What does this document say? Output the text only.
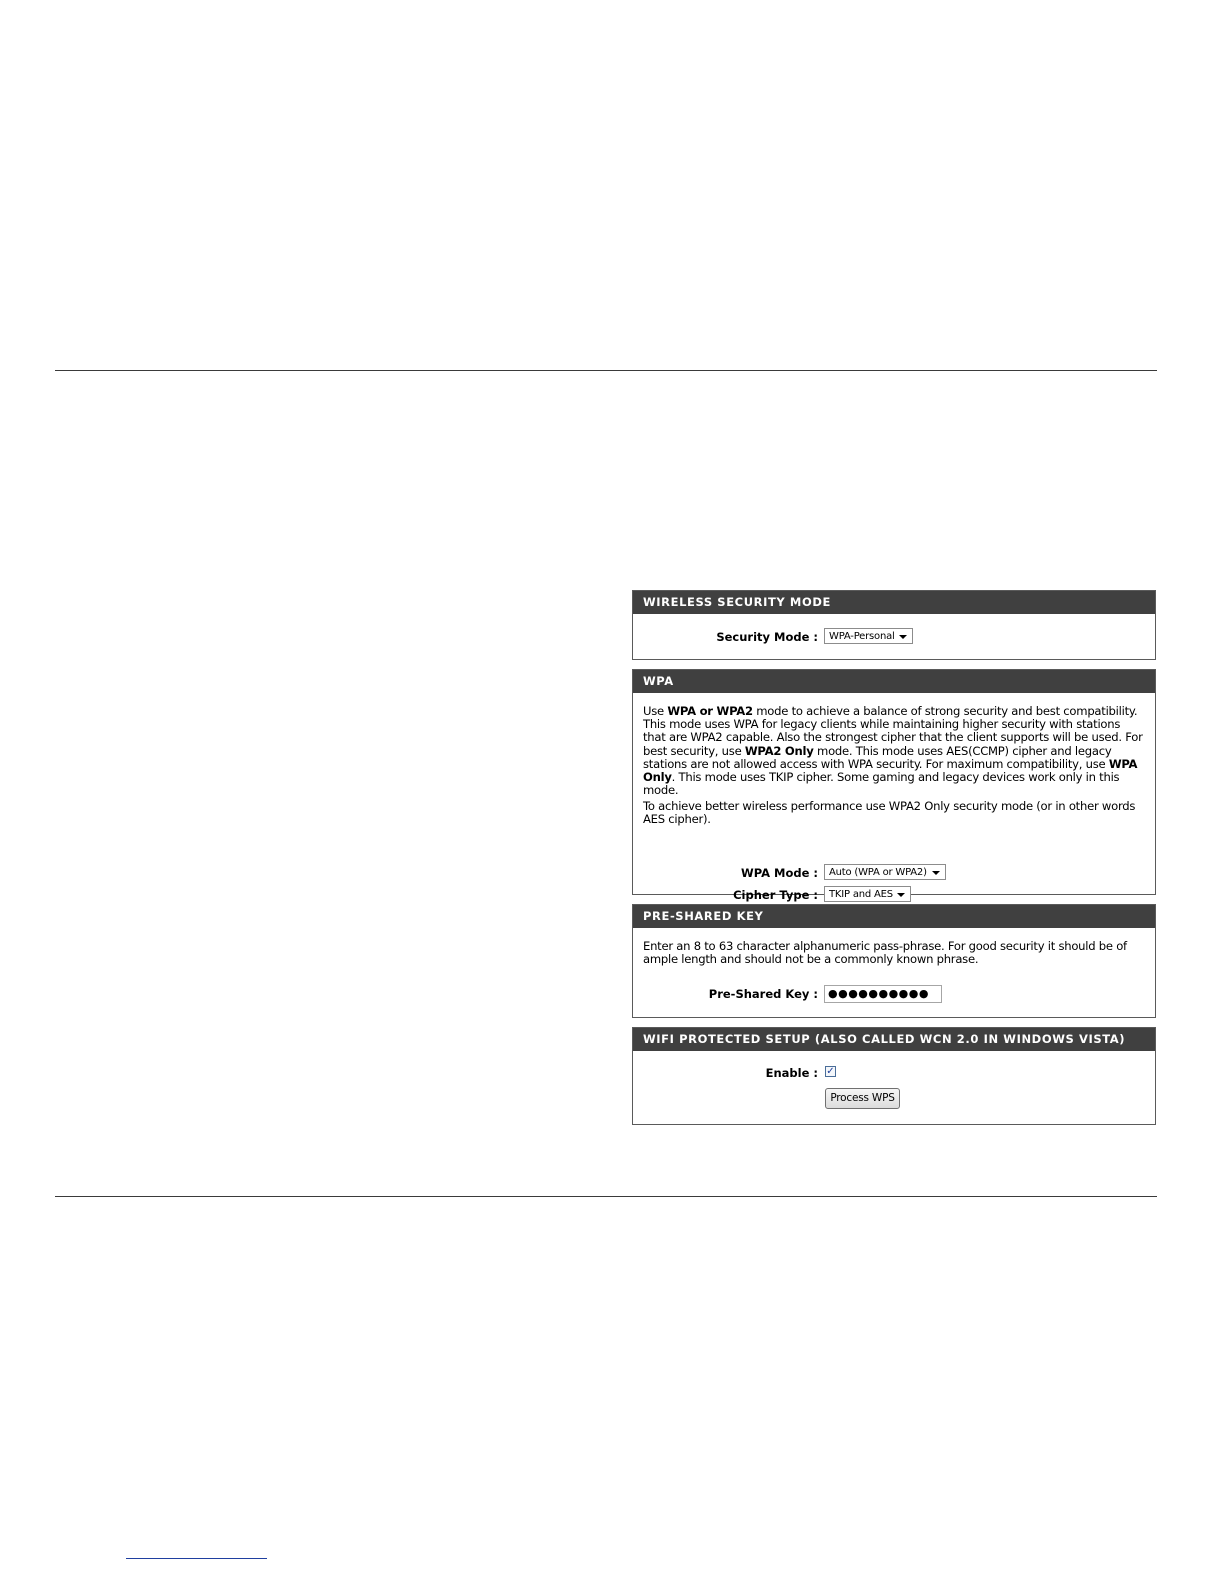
WIRELESS SECURITY MODE
Security Mode :	WPA-Personal
WPA

Use WPA or WPA2 mode to achieve a balance of strong security and best compatibility. This mode uses WPA for legacy clients while maintaining higher security with stations that are WPA2 capable. Also the strongest cipher that the client supports will be used. For best security, use WPA2 Only mode. This mode uses AES(CCMP) cipher and legacy stations are not allowed access with WPA security. For maximum compatibility, use WPA Only. This mode uses TKIP cipher. Some gaming and legacy devices work only in this mode.

To achieve better wireless performance use WPA2 Only security mode (or in other words AES cipher).

WPA Mode :	Auto (WPA or WPA2)
Cipher Type :	TKIP and AES
PRE-SHARED KEY

Enter an 8 to 63 character alphanumeric pass-phrase. For good security it should be of ample length and should not be a commonly known phrase.

Pre-Shared Key : ●●●●●●●●●●
WIFI PROTECTED SETUP (ALSO CALLED WCN 2.0 IN WINDOWS VISTA)
Enable : ✓
Process WPS
